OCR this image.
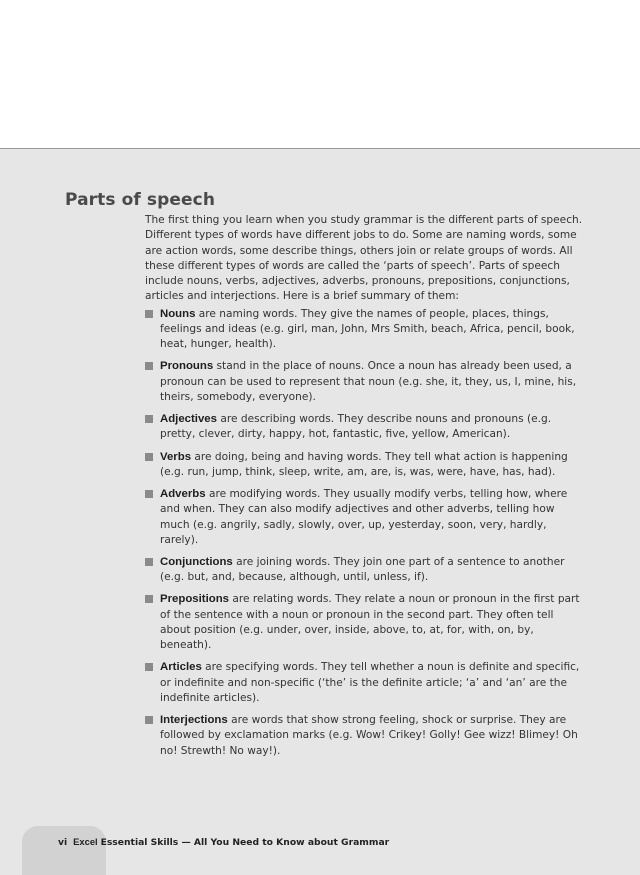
Parts of speech

The first thing you learn when you study grammar is the different parts of speech. Different types of words have different jobs to do. Some are naming words, some are action words, some describe things, others join or relate groups of words. All these different types of words are called the ‘parts of speech’. Parts of speech include nouns, verbs, adjectives, adverbs, pronouns, prepositions, conjunctions, articles and interjections. Here is a brief summary of them:

Nouns are naming words. They give the names of people, places, things, feelings and ideas (e.g. girl, man, John, Mrs Smith, beach, Africa, pencil, book, heat, hunger, health).
Pronouns stand in the place of nouns. Once a noun has already been used, a pronoun can be used to represent that noun (e.g. she, it, they, us, I, mine, his, theirs, somebody, everyone).
Adjectives are describing words. They describe nouns and pronouns (e.g. pretty, clever, dirty, happy, hot, fantastic, five, yellow, American).
Verbs are doing, being and having words. They tell what action is happening (e.g. run, jump, think, sleep, write, am, are, is, was, were, have, has, had).
Adverbs are modifying words. They usually modify verbs, telling how, where and when. They can also modify adjectives and other adverbs, telling how much (e.g. angrily, sadly, slowly, over, up, yesterday, soon, very, hardly, rarely).
Conjunctions are joining words. They join one part of a sentence to another (e.g. but, and, because, although, until, unless, if).
Prepositions are relating words. They relate a noun or pronoun in the first part of the sentence with a noun or pronoun in the second part. They often tell about position (e.g. under, over, inside, above, to, at, for, with, on, by, beneath).
Articles are specifying words. They tell whether a noun is definite and specific, or indefinite and non-specific (‘the’ is the definite article; ‘a’ and ‘an’ are the indefinite articles).
Interjections are words that show strong feeling, shock or surprise. They are followed by exclamation marks (e.g. Wow! Crikey! Golly! Gee wizz! Blimey! Oh no! Strewth! No way!).
vi Excel Essential Skills — All You Need to Know about Grammar
